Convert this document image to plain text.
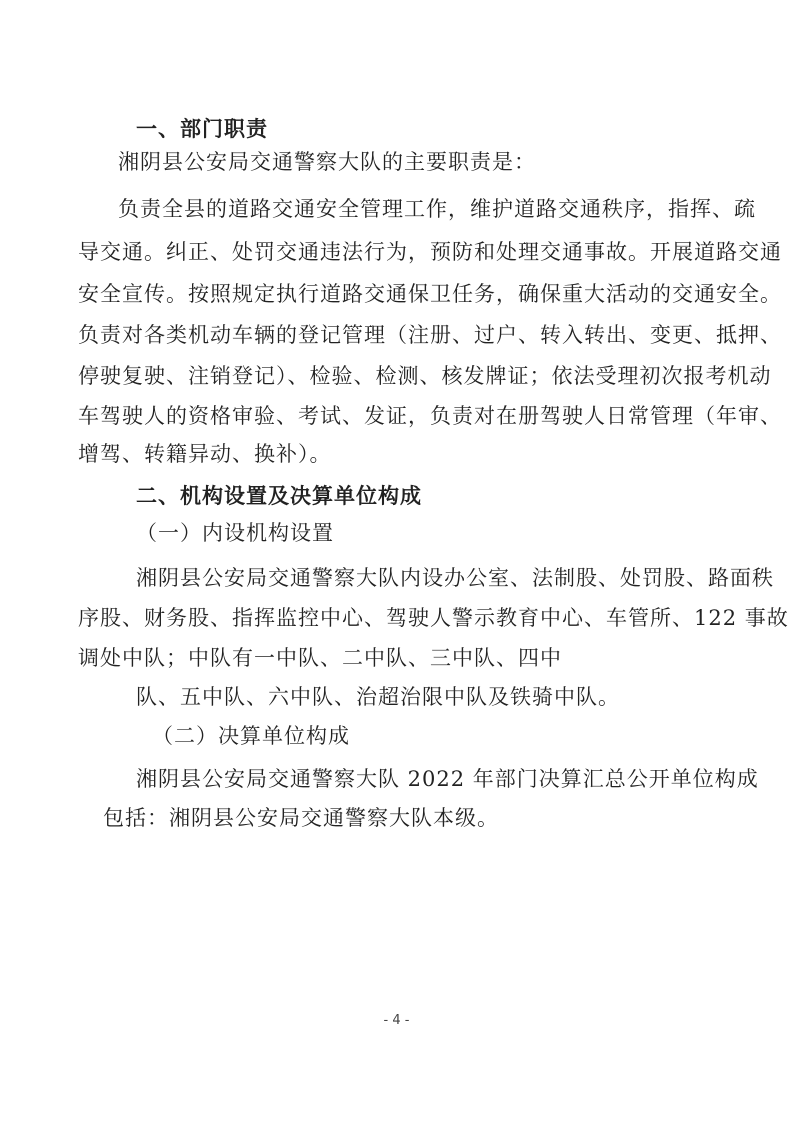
一、部门职责
湘阴县公安局交通警察大队的主要职责是：
负责全县的道路交通安全管理工作，维护道路交通秩序，指挥、疏
导交通。纠正、处罚交通违法行为，预防和处理交通事故。开展道路交通
安全宣传。按照规定执行道路交通保卫任务，确保重大活动的交通安全。
负责对各类机动车辆的登记管理（注册、过户、转入转出、变更、抵押、
停驶复驶、注销登记）、检验、检测、核发牌证；依法受理初次报考机动
车驾驶人的资格审验、考试、发证，负责对在册驾驶人日常管理（年审、
增驾、转籍异动、换补）。
二、机构设置及决算单位构成
（一）内设机构设置
湘阴县公安局交通警察大队内设办公室、法制股、处罚股、路面秩
序股、财务股、指挥监控中心、驾驶人警示教育中心、车管所、122 事故
调处中队；中队有一中队、二中队、三中队、四中
队、五中队、六中队、治超治限中队及铁骑中队。
（二）决算单位构成
湘阴县公安局交通警察大队 2022 年部门决算汇总公开单位构成
包括：湘阴县公安局交通警察大队本级。
- 4 -
